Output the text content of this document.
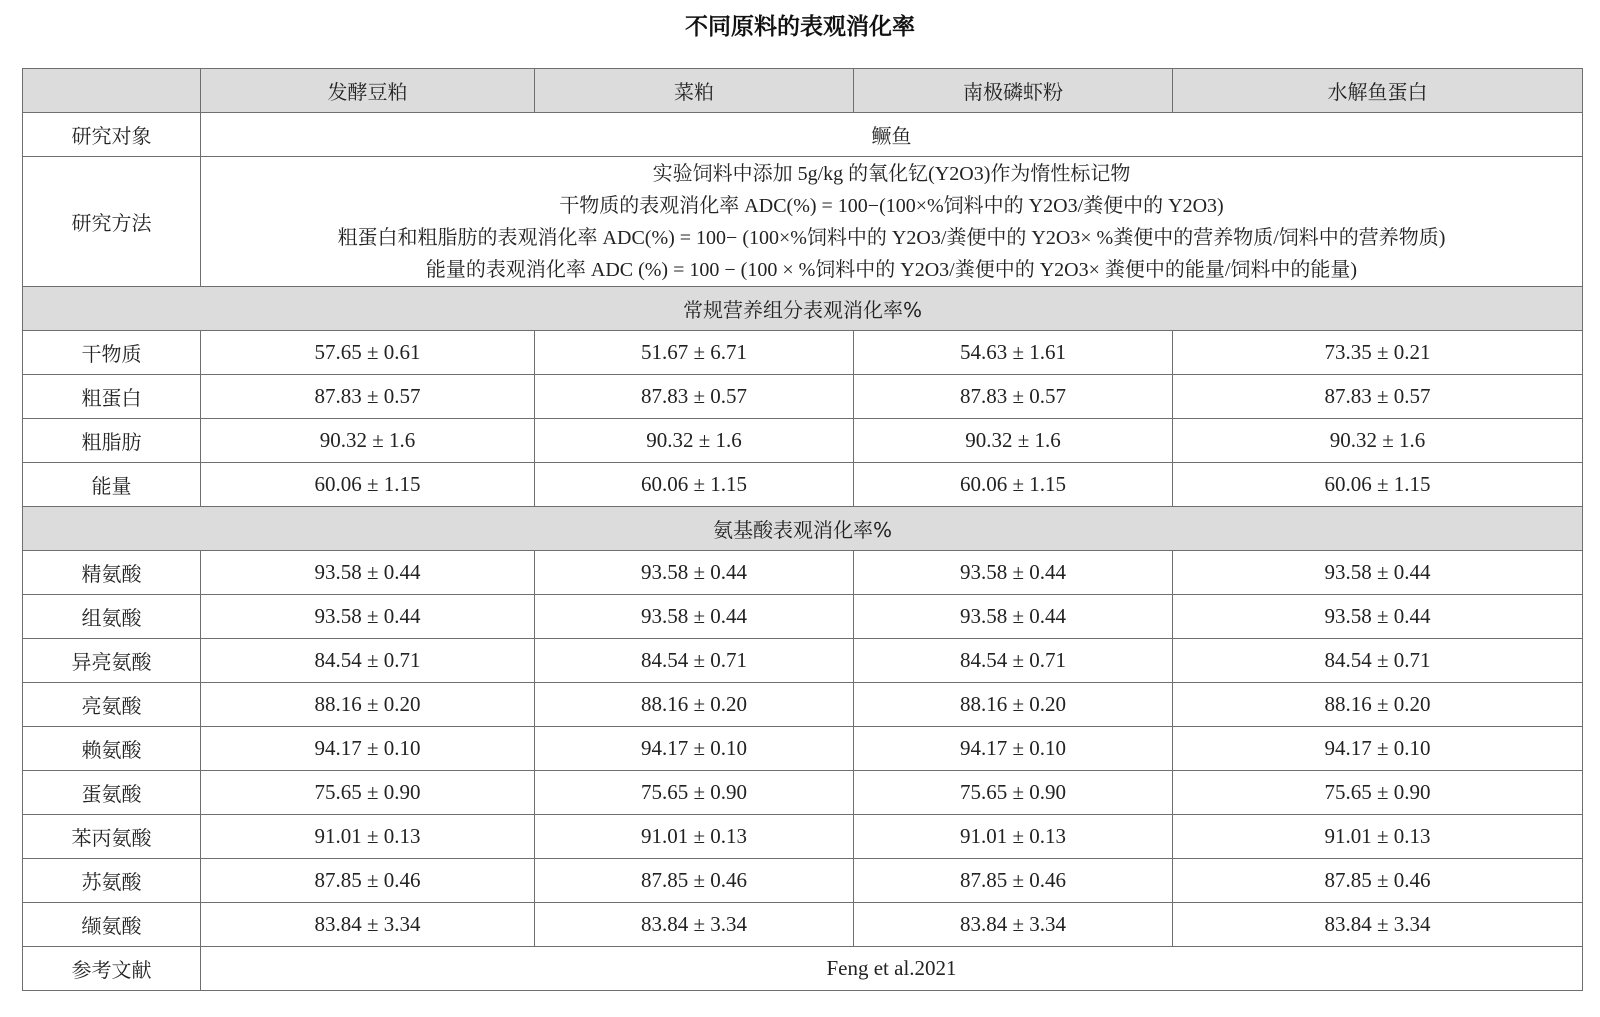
不同原料的表观消化率
	发酵豆粕	菜粕	南极磷虾粉	水解鱼蛋白
研究对象	鳜鱼			
研究方法	实验饲料中添加 5g/kg 的氧化钇(Y2O3)作为惰性标记物
干物质的表观消化率 ADC(%) = 100−(100×%饲料中的 Y2O3/粪便中的 Y2O3)
粗蛋白和粗脂肪的表观消化率 ADC(%) = 100− (100×%饲料中的 Y2O3/粪便中的 Y2O3× %粪便中的营养物质/饲料中的营养物质)
能量的表观消化率 ADC (%) = 100 − (100 × %饲料中的 Y2O3/粪便中的 Y2O3× 粪便中的能量/饲料中的能量)			

常规营养组分表观消化率%				
干物质	57.65 ± 0.61	51.67 ± 6.71	54.63 ± 1.61	73.35 ± 0.21
粗蛋白	87.83 ± 0.57	87.83 ± 0.57	87.83 ± 0.57	87.83 ± 0.57
粗脂肪	90.32 ± 1.6	90.32 ± 1.6	90.32 ± 1.6	90.32 ± 1.6
能量	60.06 ± 1.15	60.06 ± 1.15	60.06 ± 1.15	60.06 ± 1.15
氨基酸表观消化率%				
精氨酸	93.58 ± 0.44	93.58 ± 0.44	93.58 ± 0.44	93.58 ± 0.44
组氨酸	93.58 ± 0.44	93.58 ± 0.44	93.58 ± 0.44	93.58 ± 0.44
异亮氨酸	84.54 ± 0.71	84.54 ± 0.71	84.54 ± 0.71	84.54 ± 0.71
亮氨酸	88.16 ± 0.20	88.16 ± 0.20	88.16 ± 0.20	88.16 ± 0.20
赖氨酸	94.17 ± 0.10	94.17 ± 0.10	94.17 ± 0.10	94.17 ± 0.10
蛋氨酸	75.65 ± 0.90	75.65 ± 0.90	75.65 ± 0.90	75.65 ± 0.90
苯丙氨酸	91.01 ± 0.13	91.01 ± 0.13	91.01 ± 0.13	91.01 ± 0.13
苏氨酸	87.85 ± 0.46	87.85 ± 0.46	87.85 ± 0.46	87.85 ± 0.46
缬氨酸	83.84 ± 3.34	83.84 ± 3.34	83.84 ± 3.34	83.84 ± 3.34
参考文献	Feng et al.2021			
